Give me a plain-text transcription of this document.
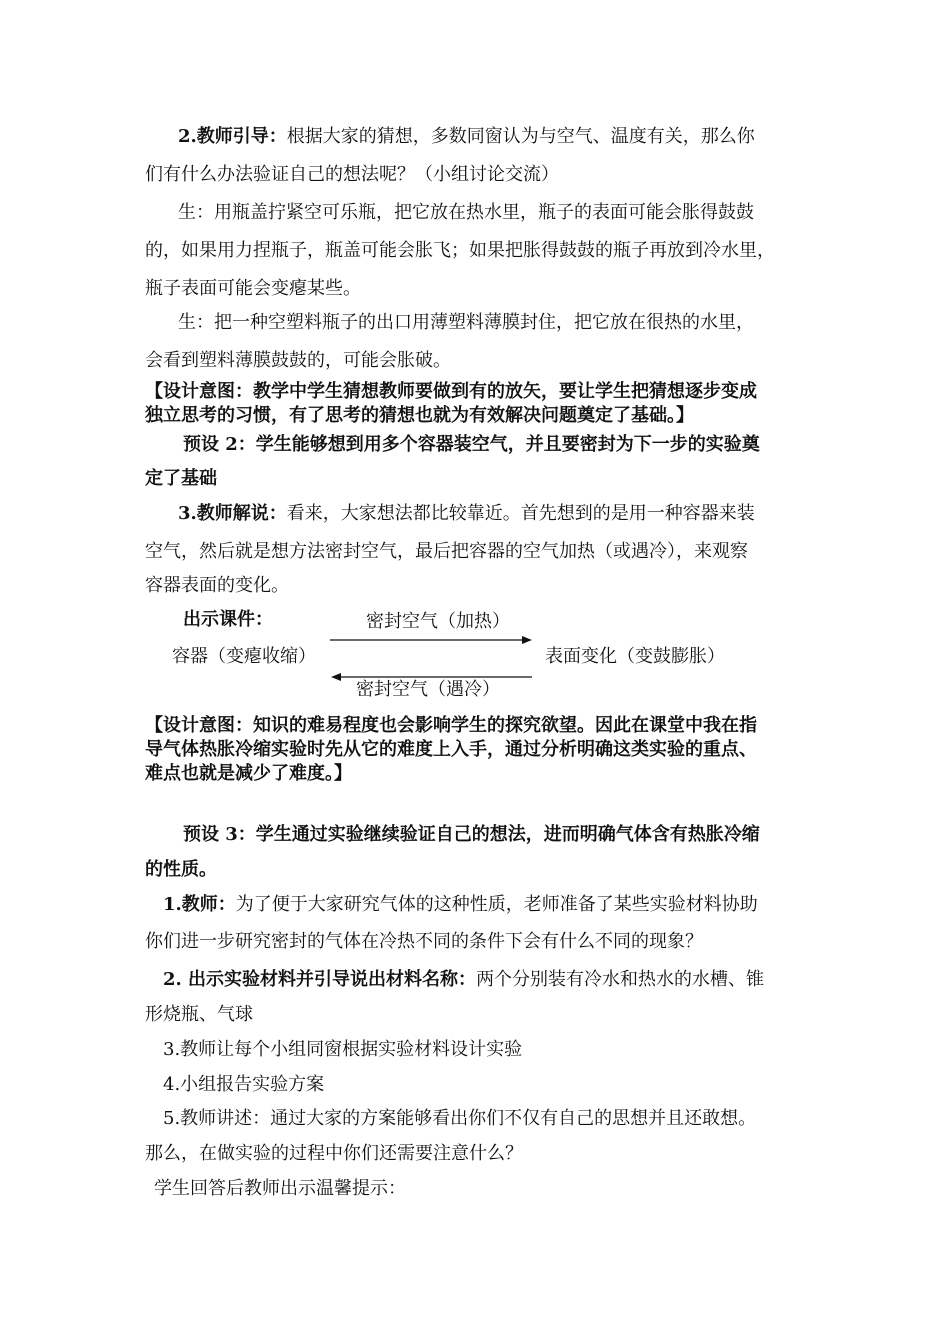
2.教师引导：根据大家的猜想，多数同窗认为与空气、温度有关，那么你

们有什么办法验证自己的想法呢？（小组讨论交流）

生：用瓶盖拧紧空可乐瓶，把它放在热水里，瓶子的表面可能会胀得鼓鼓

的，如果用力捏瓶子，瓶盖可能会胀飞；如果把胀得鼓鼓的瓶子再放到冷水里，

瓶子表面可能会变瘪某些。

生：把一种空塑料瓶子的出口用薄塑料薄膜封住，把它放在很热的水里，

会看到塑料薄膜鼓鼓的，可能会胀破。

【设计意图：教学中学生猜想教师要做到有的放矢，要让学生把猜想逐步变成

独立思考的习惯，有了思考的猜想也就为有效解决问题奠定了基础。】

预设 2：学生能够想到用多个容器装空气，并且要密封为下一步的实验奠

定了基础

3.教师解说：看来，大家想法都比较靠近。首先想到的是用一种容器来装

空气，然后就是想方法密封空气，最后把容器的空气加热（或遇冷），来观察

容器表面的变化。

出示课件：	密封空气（加热）
容器（变瘪收缩）	表面变化（变鼓膨胀）
密封空气（遇冷）

【设计意图：知识的难易程度也会影响学生的探究欲望。因此在课堂中我在指

导气体热胀冷缩实验时先从它的难度上入手，通过分析明确这类实验的重点、

难点也就是减少了难度。】

预设 3：学生通过实验继续验证自己的想法，进而明确气体含有热胀冷缩

的性质。

1.教师：为了便于大家研究气体的这种性质，老师准备了某些实验材料协助

你们进一步研究密封的气体在冷热不同的条件下会有什么不同的现象？

2. 出示实验材料并引导说出材料名称：两个分别装有冷水和热水的水槽、锥

形烧瓶、气球

3.教师让每个小组同窗根据实验材料设计实验

4.小组报告实验方案

5.教师讲述：通过大家的方案能够看出你们不仅有自己的思想并且还敢想。

那么，在做实验的过程中你们还需要注意什么？

学生回答后教师出示温馨提示：
